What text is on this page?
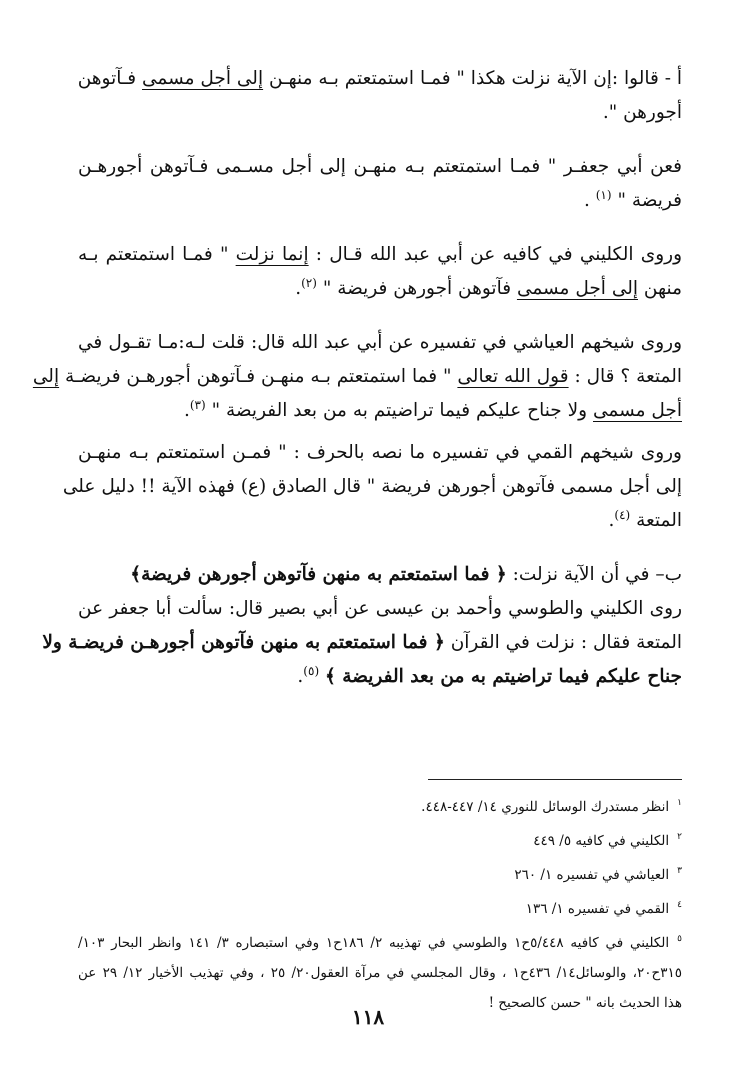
أ - قالوا :إن الآية نزلت هكذا " فمـا استمتعتم بـه منهـن إلى أجل مسمى فـآتوهن
أجورهن ".
فعن أبي جعفـر " فمـا استمتعتم بـه منهـن إلى أجل مسـمى فـآتوهن أجورهـن
فريضة " $^{(١)}$ .
وروى الكليني في كافيه عن أبي عبد الله قـال : إنما نزلت " فمـا استمتعتم بـه
منهن إلى أجل مسمى فآتوهن أجورهن فريضة " $^{(٢)}$.
وروى شيخهم العياشي في تفسيره عن أبي عبد الله قال: قلت لـه:مـا تقـول في
المتعة ؟ قال : قول الله تعالى " فما استمتعتم بـه منهـن فـآتوهن أجورهـن فريضـة إلى
أجل مسمى ولا جناح عليكم فيما تراضيتم به من بعد الفريضة " $^{(٣)}$.
وروى شيخهم القمي في تفسيره ما نصه بالحرف : " فمـن استمتعتم بـه منهـن
إلى أجل مسمى فآتوهن أجورهن فريضة " قال الصادق (ع) فهذه الآية !! دليل على
المتعة $^{(٤)}$.
ب– في أن الآية نزلت: ﴿ فما استمتعتم به منهن فآتوهن أجورهن فريضة﴾
روى الكليني والطوسي وأحمد بن عيسى عن أبي بصير قال: سألت أبا جعفر عن
المتعة فقال : نزلت في القرآن ﴿ فما استمتعتم به منهن فآتوهن أجورهـن فريضـة ولا
جناح عليكم فيما تراضيتم به من بعد الفريضة ﴾ $^{(٥)}$.
$^١$انظر مستدرك الوسائل للنوري ١٤/ ٤٤٧-٤٤٨.
$^٢$الكليني في كافيه ٥/ ٤٤٩
$^٣$العياشي في تفسيره ١/ ٢٦٠
$^٤$القمي في تفسيره ١/ ١٣٦
$^٥$الكليني في كافيه ٥/٤٤٨ح١ والطوسي في تهذيبه ٢/ ١٨٦ح١ وفي استبصاره ٣/ ١٤١ وانظر البحار ١٠٣/
٣١٥ح٢٠، والوسائل١٤/ ٤٣٦ح١ ، وقال المجلسي في مرآة العقول٢٠/ ٢٥ ، وفي تهذيب الأخيار ١٢/ ٢٩ عن
هذا الحديث بانه " حسن كالصحيح !
١١٨
